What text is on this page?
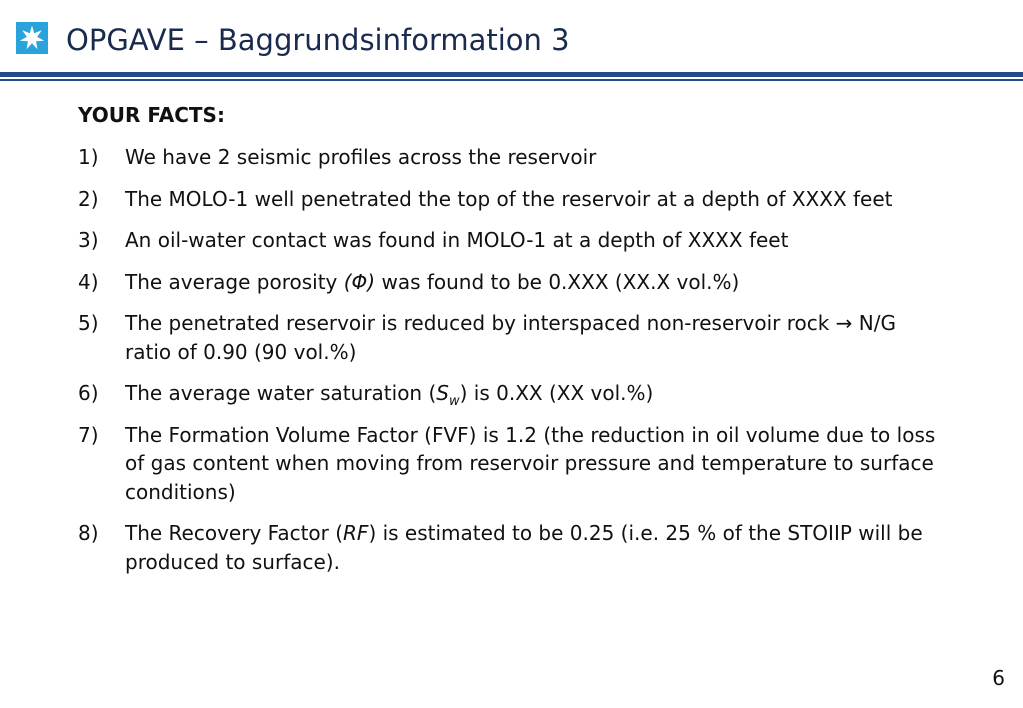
OPGAVE – Baggrundsinformation 3
YOUR FACTS:
1)	We have 2 seismic profiles across the reservoir
2)	The MOLO-1 well penetrated the top of the reservoir at a depth of XXXX feet
3)	An oil-water contact was found in MOLO-1 at a depth of XXXX feet
4)	The average porosity (Φ) was found to be 0.XXX (XX.X vol.%)
5)	The penetrated reservoir is reduced by interspaced non-reservoir rock → N/G ratio of 0.90 (90 vol.%)
6)	The average water saturation $(S_w)$ is 0.XX (XX vol.%)
7)	The Formation Volume Factor (FVF) is 1.2 (the reduction in oil volume due to loss of gas content when moving from reservoir pressure and temperature to surface conditions)
8)	The Recovery Factor (RF) is estimated to be 0.25 (i.e. 25 % of the STOIIP will be produced to surface).
6
